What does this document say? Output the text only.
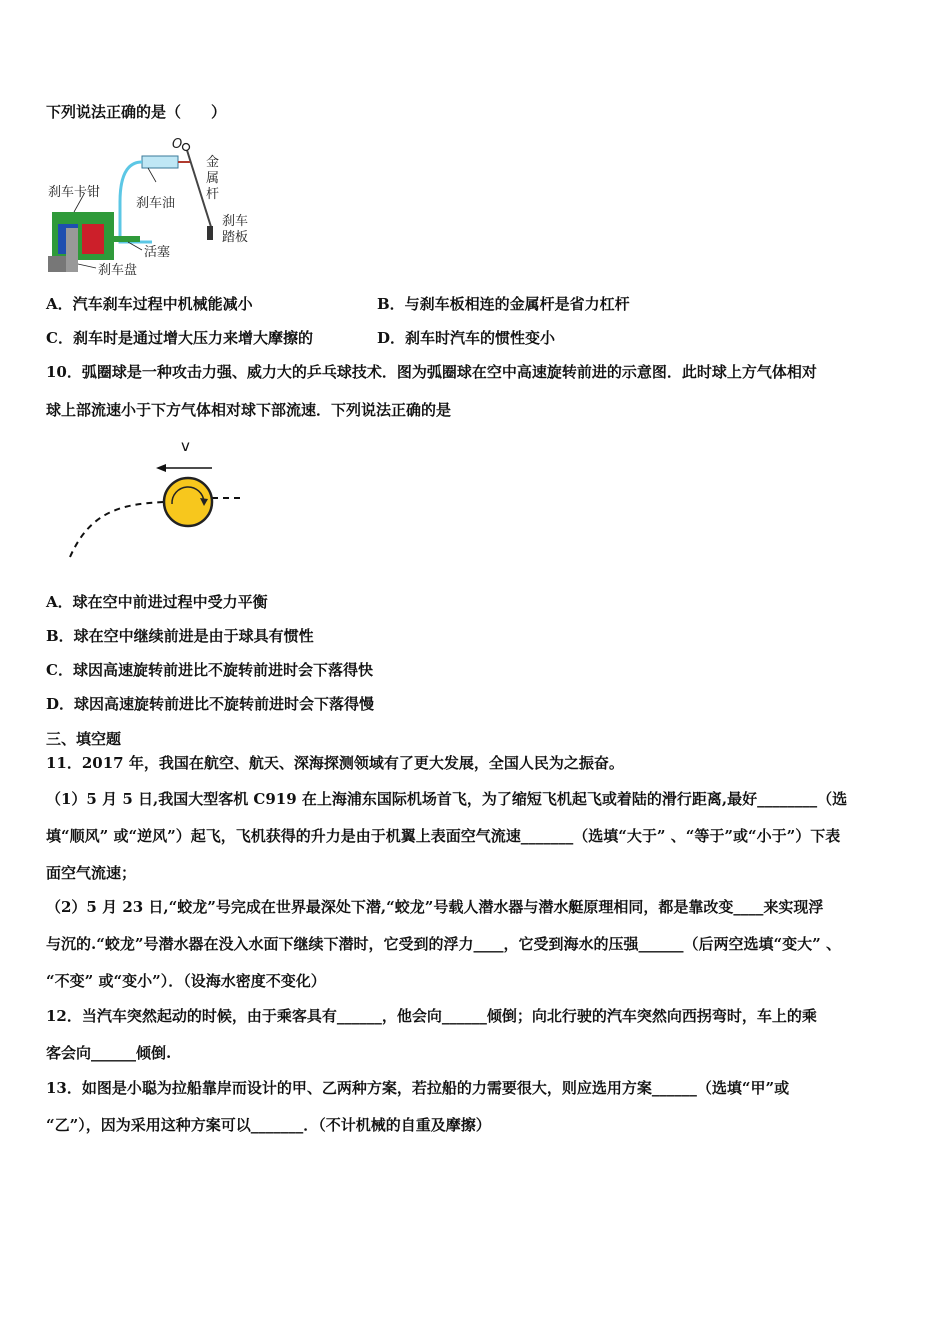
下列说法正确的是（　　）
O
刹车卡钳
刹车油
活塞
刹车盘
金
属
杆
刹车
踏板
A．汽车刹车过程中机械能减小	B．与刹车板相连的金属杆是省力杠杆
C．刹车时是通过增大压力来增大摩擦的	D．刹车时汽车的惯性变小
10．弧圈球是一种攻击力强、威力大的乒乓球技术．图为弧圈球在空中高速旋转前进的示意图．此时球上方气体相对
球上部流速小于下方气体相对球下部流速．下列说法正确的是
v
A．球在空中前进过程中受力平衡
B．球在空中继续前进是由于球具有惯性
C．球因高速旋转前进比不旋转前进时会下落得快
D．球因高速旋转前进比不旋转前进时会下落得慢
三、填空题
11．2017 年，我国在航空、航天、深海探测领域有了更大发展，全国人民为之振奋。
（1）5 月 5 日,我国大型客机 C919 在上海浦东国际机场首飞，为了缩短飞机起飞或着陆的滑行距离,最好________（选
填“顺风” 或“逆风”）起飞，飞机获得的升力是由于机翼上表面空气流速_______（选填“大于” 、“等于”或“小于”）下表
面空气流速；
（2）5 月 23 日,“蛟龙”号完成在世界最深处下潜,“蛟龙”号载人潜水器与潜水艇原理相同，都是靠改变____来实现浮
与沉的.“蛟龙”号潜水器在没入水面下继续下潜时，它受到的浮力____，它受到海水的压强______（后两空选填“变大” 、
“不变” 或“变小”）．（设海水密度不变化）
12．当汽车突然起动的时候，由于乘客具有______，他会向______倾倒；向北行驶的汽车突然向西拐弯时，车上的乘
客会向______倾倒.
13．如图是小聪为拉船靠岸而设计的甲、乙两种方案，若拉船的力需要很大，则应选用方案______（选填“甲”或
“乙”），因为采用这种方案可以_______．（不计机械的自重及摩擦）
